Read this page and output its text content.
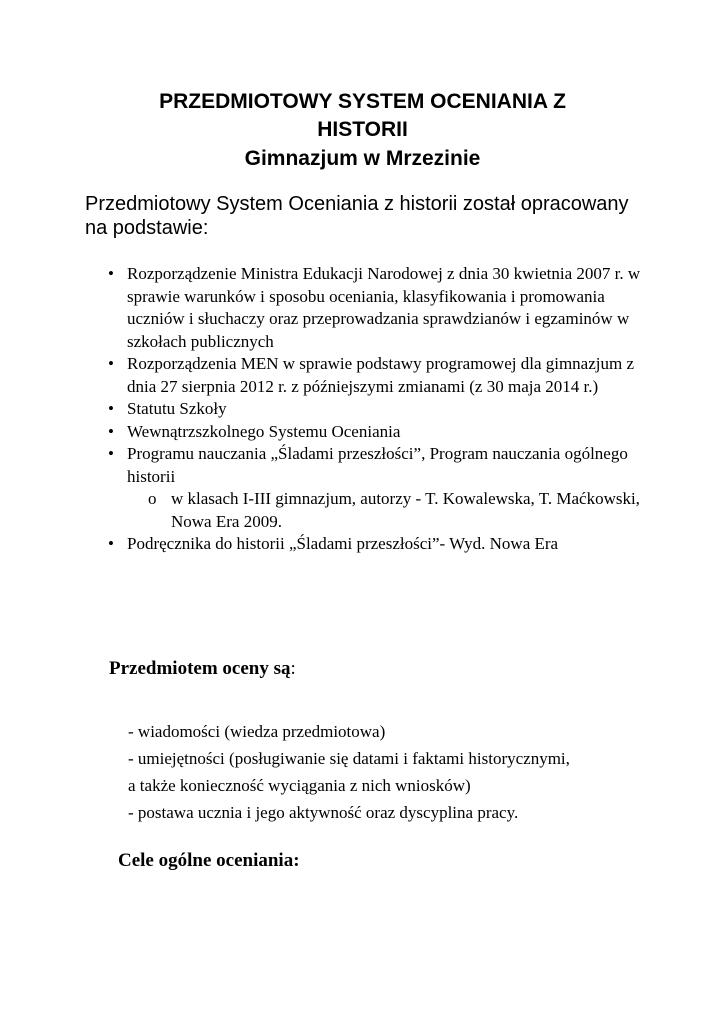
PRZEDMIOTOWY SYSTEM OCENIANIA Z
HISTORII
Gimnazjum w Mrzezinie
Przedmiotowy System Oceniania z historii został opracowany na podstawie:
• Rozporządzenie Ministra Edukacji Narodowej z dnia 30 kwietnia 2007 r. w sprawie warunków i sposobu oceniania, klasyfikowania i promowania uczniów i słuchaczy oraz przeprowadzania sprawdzianów i egzaminów w szkołach publicznych
• Rozporządzenia MEN w sprawie podstawy programowej dla gimnazjum z dnia 27 sierpnia 2012 r. z późniejszymi zmianami (z 30 maja 2014 r.)
• Statutu Szkoły
• Wewnątrzszkolnego Systemu Oceniania
• Programu nauczania „Śladami przeszłości”, Program nauczania ogólnego historii
o w klasach I-III gimnazjum, autorzy - T. Kowalewska, T. Maćkowski, Nowa Era 2009.
• Podręcznika do historii „Śladami przeszłości”- Wyd. Nowa Era
Przedmiotem oceny są:
- wiadomości (wiedza przedmiotowa)
- umiejętności (posługiwanie się datami i faktami historycznymi,
a także konieczność wyciągania z nich wniosków)
- postawa ucznia i jego aktywność oraz dyscyplina pracy.
Cele ogólne oceniania:
